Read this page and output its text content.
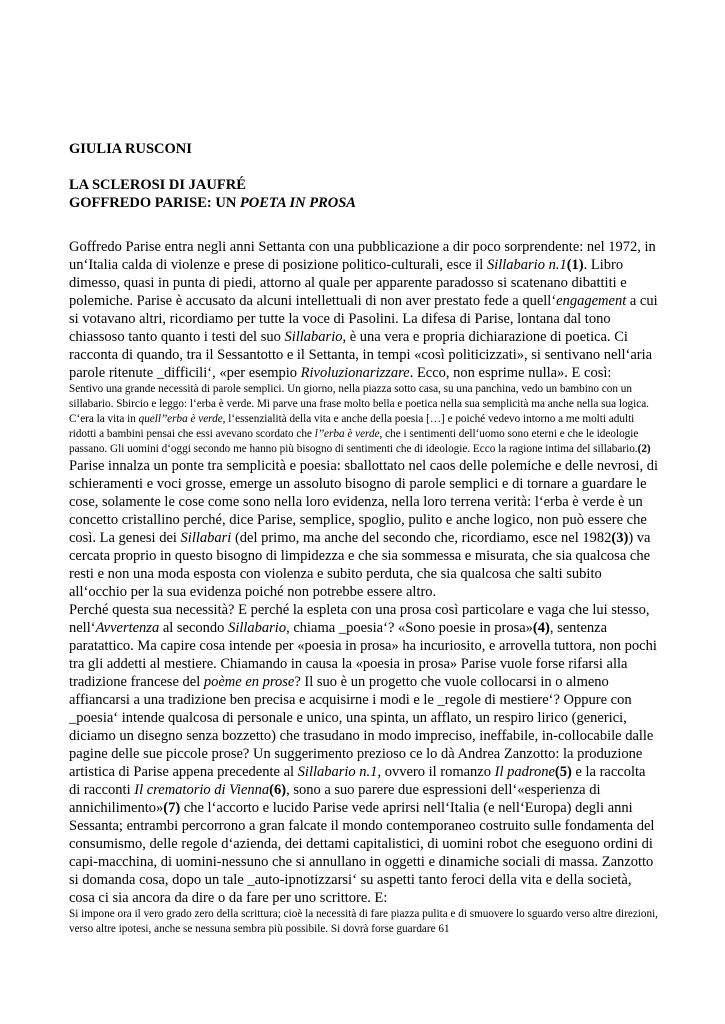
GIULIA RUSCONI

LA SCLEROSI DI JAUFRÉ

GOFFREDO PARISE: UN POETA IN PROSA

Goffredo Parise entra negli anni Settanta con una pubblicazione a dir poco sorprendente: nel 1972, in un‘Italia calda di violenze e prese di posizione politico-culturali, esce il Sillabario n.1(1). Libro dimesso, quasi in punta di piedi, attorno al quale per apparente paradosso si scatenano dibattiti e polemiche. Parise è accusato da alcuni intellettuali di non aver prestato fede a quell‘engagement a cui si votavano altri, ricordiamo per tutte la voce di Pasolini. La difesa di Parise, lontana dal tono chiassoso tanto quanto i testi del suo Sillabario, è una vera e propria dichiarazione di poetica. Ci racconta di quando, tra il Sessantotto e il Settanta, in tempi «così politicizzati», si sentivano nell‘aria parole ritenute _difficili‘, «per esempio Rivoluzionarizzare. Ecco, non esprime nulla». E così:

Sentivo una grande necessità di parole semplici. Un giorno, nella piazza sotto casa, su una panchina, vedo un bambino con un sillabario. Sbircio e leggo: l‘erba è verde. Mi parve una frase molto bella e poetica nella sua semplicità ma anche nella sua logica. C‘era la vita in quell’’erba è verde, l‘essenzialità della vita e anche della poesia […] e poiché vedevo intorno a me molti adulti ridotti a bambini pensai che essi avevano scordato che l’’erba è verde, che i sentimenti dell‘uomo sono eterni e che le ideologie passano. Gli uomini d‘oggi secondo me hanno più bisogno di sentimenti che di ideologie. Ecco la ragione intima del sillabario.(2)

Parise innalza un ponte tra semplicità e poesia: sballottato nel caos delle polemiche e delle nevrosi, di schieramenti e voci grosse, emerge un assoluto bisogno di parole semplici e di tornare a guardare le cose, solamente le cose come sono nella loro evidenza, nella loro terrena verità: l‘erba è verde è un concetto cristallino perché, dice Parise, semplice, spoglio, pulito e anche logico, non può essere che così. La genesi dei Sillabari (del primo, ma anche del secondo che, ricordiamo, esce nel 1982(3)) va cercata proprio in questo bisogno di limpidezza e che sia sommessa e misurata, che sia qualcosa che resti e non una moda esposta con violenza e subito perduta, che sia qualcosa che salti subito all‘occhio per la sua evidenza poiché non potrebbe essere altro.

Perché questa sua necessità? E perché la espleta con una prosa così particolare e vaga che lui stesso, nell‘Avvertenza al secondo Sillabario, chiama _poesia‘? «Sono poesie in prosa»(4), sentenza paratattico. Ma capire cosa intende per «poesia in prosa» ha incuriosito, e arrovella tuttora, non pochi tra gli addetti al mestiere. Chiamando in causa la «poesia in prosa» Parise vuole forse rifarsi alla tradizione francese del poème en prose? Il suo è un progetto che vuole collocarsi in o almeno affiancarsi a una tradizione ben precisa e acquisirne i modi e le _regole di mestiere‘? Oppure con _poesia‘ intende qualcosa di personale e unico, una spinta, un afflato, un respiro lirico (generici, diciamo un disegno senza bozzetto) che trasudano in modo impreciso, ineffabile, in-collocabile dalle pagine delle sue piccole prose? Un suggerimento prezioso ce lo dà Andrea Zanzotto: la produzione artistica di Parise appena precedente al Sillabario n.1, ovvero il romanzo Il padrone(5) e la raccolta di racconti Il crematorio di Vienna(6), sono a suo parere due espressioni dell‘«esperienza di annichilimento»(7) che l‘accorto e lucido Parise vede aprirsi nell‘Italia (e nell‘Europa) degli anni Sessanta; entrambi percorrono a gran falcate il mondo contemporaneo costruito sulle fondamenta del consumismo, delle regole d‘azienda, dei dettami capitalistici, di uomini robot che eseguono ordini di capi-macchina, di uomini-nessuno che si annullano in oggetti e dinamiche sociali di massa. Zanzotto si domanda cosa, dopo un tale _auto-ipnotizzarsi‘ su aspetti tanto feroci della vita e della società, cosa ci sia ancora da dire o da fare per uno scrittore. E:

Si impone ora il vero grado zero della scrittura; cioè la necessità di fare piazza pulita e di smuovere lo sguardo verso altre direzioni, verso altre ipotesi, anche se nessuna sembra più possibile. Si dovrà forse guardare 61
